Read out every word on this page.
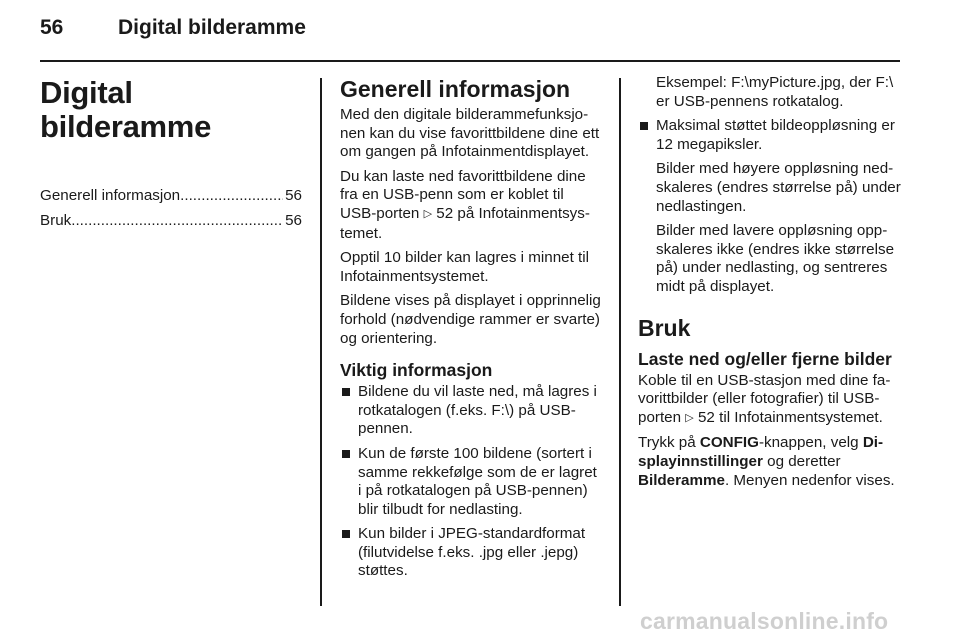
56	Digital bilderamme
Digital bilderamme
Generell informasjon .....	56
Bruk .....	56
Generell informasjon

Med den digitale bilderammefunksjonen kan du vise favorittbildene dine ett om gangen på Infotainmentdisplayet.

Du kan laste ned favorittbildene dine fra en USB-penn som er koblet til USB-porten ▷ 52 på Infotainmentsystemet.

Opptil 10 bilder kan lagres i minnet til Infotainmentsystemet.

Bildene vises på displayet i opprinnelig forhold (nødvendige rammer er svarte) og orientering.

Viktig informasjon
Bildene du vil laste ned, må lagres i rotkatalogen (f.eks. F:\) på USB-pennen.
Kun de første 100 bildene (sortert i samme rekkefølge som de er lagret i på rotkatalogen på USB-pennen) blir tilbudt for nedlasting.
Kun bilder i JPEG-standardformat (filutvidelse f.eks. .jpg eller .jepg) støttes.

Eksempel: F:\myPicture.jpg, der F:\ er USB-pennens rotkatalog.

Maksimal støttet bildeoppløsning er 12 megapiksler.

Bilder med høyere oppløsning nedskaleres (endres størrelse på) under nedlastingen.

Bilder med lavere oppløsning oppskaleres ikke (endres ikke størrelse på) under nedlasting, og sentreres midt på displayet.

Bruk
Laste ned og/eller fjerne bilder

Koble til en USB-stasjon med dine favorittbilder (eller fotografier) til USB-porten ▷ 52 til Infotainmentsystemet.

Trykk på CONFIG-knappen, velg Displayinnstillinger og deretter Bilderamme. Menyen nedenfor vises.

carmanualsonline.info
